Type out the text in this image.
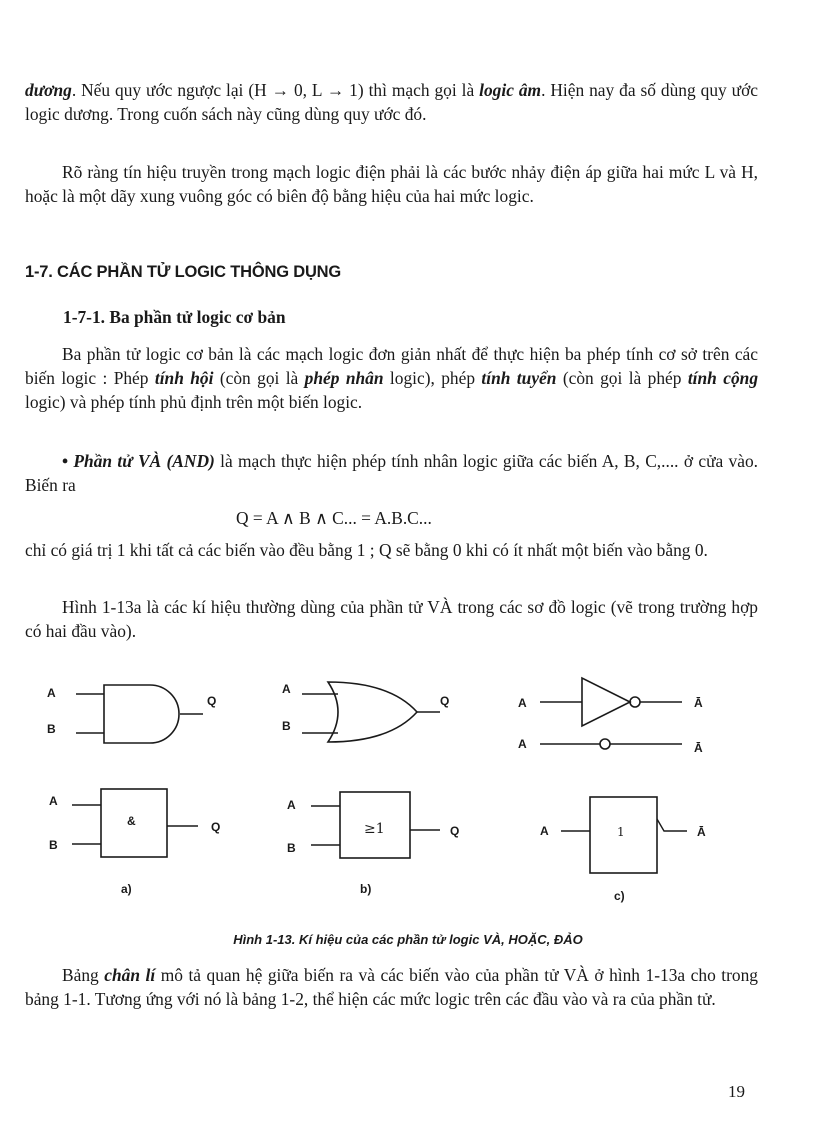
dương. Nếu quy ước ngược lại (H → 0, L → 1) thì mạch gọi là logic âm. Hiện nay đa số dùng quy ước logic dương. Trong cuốn sách này cũng dùng quy ước đó.

Rõ ràng tín hiệu truyền trong mạch logic điện phải là các bước nhảy điện áp giữa hai mức L và H, hoặc là một dãy xung vuông góc có biên độ bằng hiệu của hai mức logic.

1-7. CÁC PHẦN TỬ LOGIC THÔNG DỤNG

1-7-1. Ba phần tử logic cơ bản

Ba phần tử logic cơ bản là các mạch logic đơn giản nhất để thực hiện ba phép tính cơ sở trên các biến logic : Phép tính hội (còn gọi là phép nhân logic), phép tính tuyển (còn gọi là phép tính cộng logic) và phép tính phủ định trên một biến logic.

• Phần tử VÀ (AND) là mạch thực hiện phép tính nhân logic giữa các biến A, B, C,.... ở cửa vào. Biến ra

Q = A ∧ B ∧ C... = A.B.C...

chỉ có giá trị 1 khi tất cả các biến vào đều bằng 1 ; Q sẽ bằng 0 khi có ít nhất một biến vào bằng 0.

Hình 1-13a là các kí hiệu thường dùng của phần tử VÀ trong các sơ đồ logic (vẽ trong trường hợp có hai đầu vào).

A
B
Q
A
B
Q	A	Ā
A	Ā
&
A
B
Q	≥1
A
B
Q	1
A	Ā
a)	b)	c)

Hình 1-13. Kí hiệu của các phần tử logic VÀ, HOẶC, ĐẢO

Bảng chân lí mô tả quan hệ giữa biến ra và các biến vào của phần tử VÀ ở hình 1-13a cho trong bảng 1-1. Tương ứng với nó là bảng 1-2, thể hiện các mức logic trên các đầu vào và ra của phần tử.

19
